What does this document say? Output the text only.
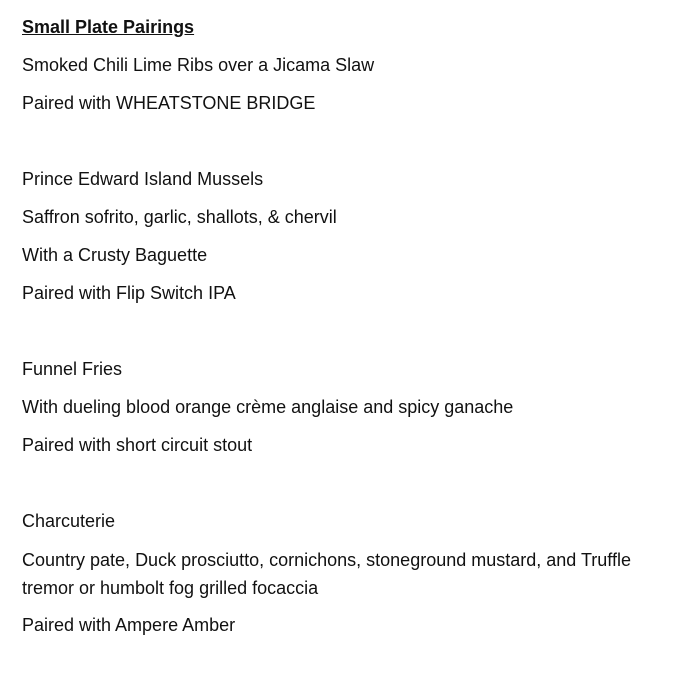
Small Plate Pairings
Smoked Chili Lime Ribs over a Jicama Slaw
Paired with WHEATSTONE BRIDGE
Prince Edward Island Mussels
Saffron sofrito, garlic, shallots, & chervil
With a Crusty Baguette
Paired with Flip Switch IPA
Funnel Fries
With dueling blood orange crème anglaise and spicy ganache
Paired with short circuit stout
Charcuterie
Country pate, Duck prosciutto, cornichons, stoneground mustard, and Truffle tremor or humbolt fog grilled focaccia
Paired with Ampere Amber
